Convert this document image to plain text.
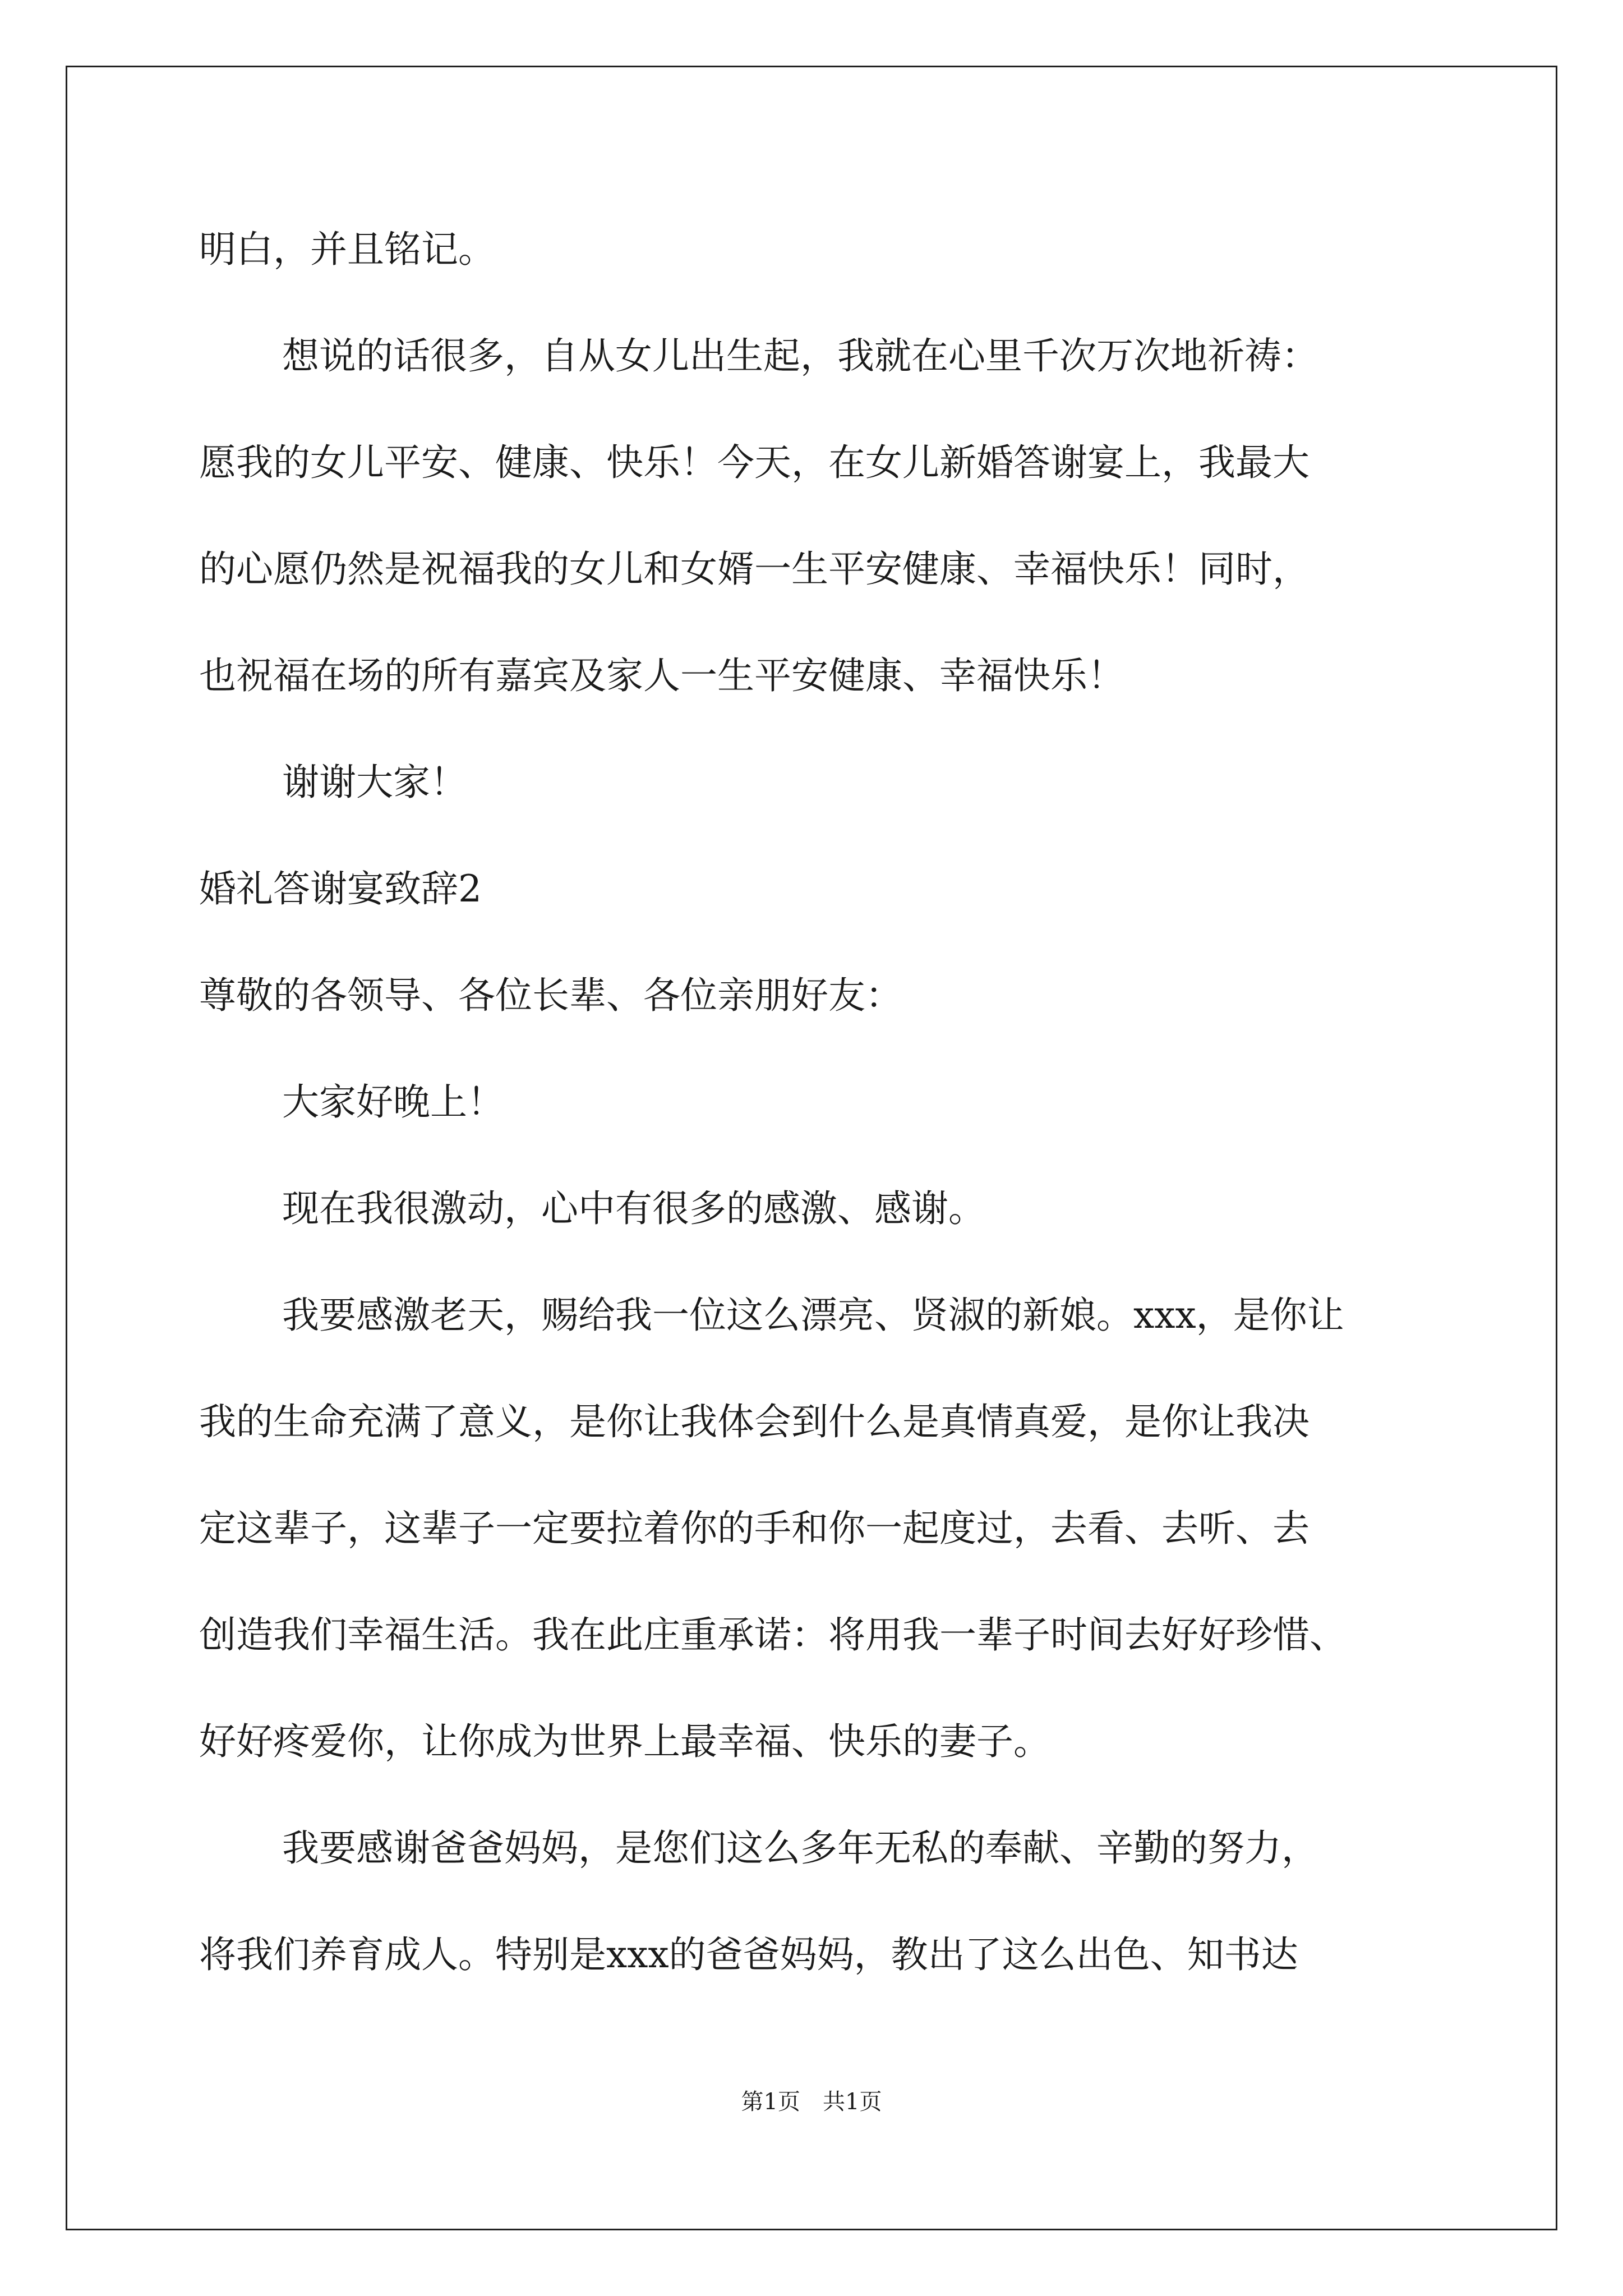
明白，并且铭记。
想说的话很多，自从女儿出生起，我就在心里千次万次地祈祷：
愿我的女儿平安、健康、快乐！今天，在女儿新婚答谢宴上，我最大
的心愿仍然是祝福我的女儿和女婿一生平安健康、幸福快乐！同时，
也祝福在场的所有嘉宾及家人一生平安健康、幸福快乐！
谢谢大家！
婚礼答谢宴致辞2
尊敬的各领导、各位长辈、各位亲朋好友：
大家好晚上！
现在我很激动，心中有很多的感激、感谢。
我要感激老天，赐给我一位这么漂亮、贤淑的新娘。xxx，是你让
我的生命充满了意义，是你让我体会到什么是真情真爱，是你让我决
定这辈子，这辈子一定要拉着你的手和你一起度过，去看、去听、去
创造我们幸福生活。我在此庄重承诺：将用我一辈子时间去好好珍惜、
好好疼爱你，让你成为世界上最幸福、快乐的妻子。
我要感谢爸爸妈妈，是您们这么多年无私的奉献、辛勤的努力，
将我们养育成人。特别是xxx的爸爸妈妈，教出了这么出色、知书达
第1页 共1页
